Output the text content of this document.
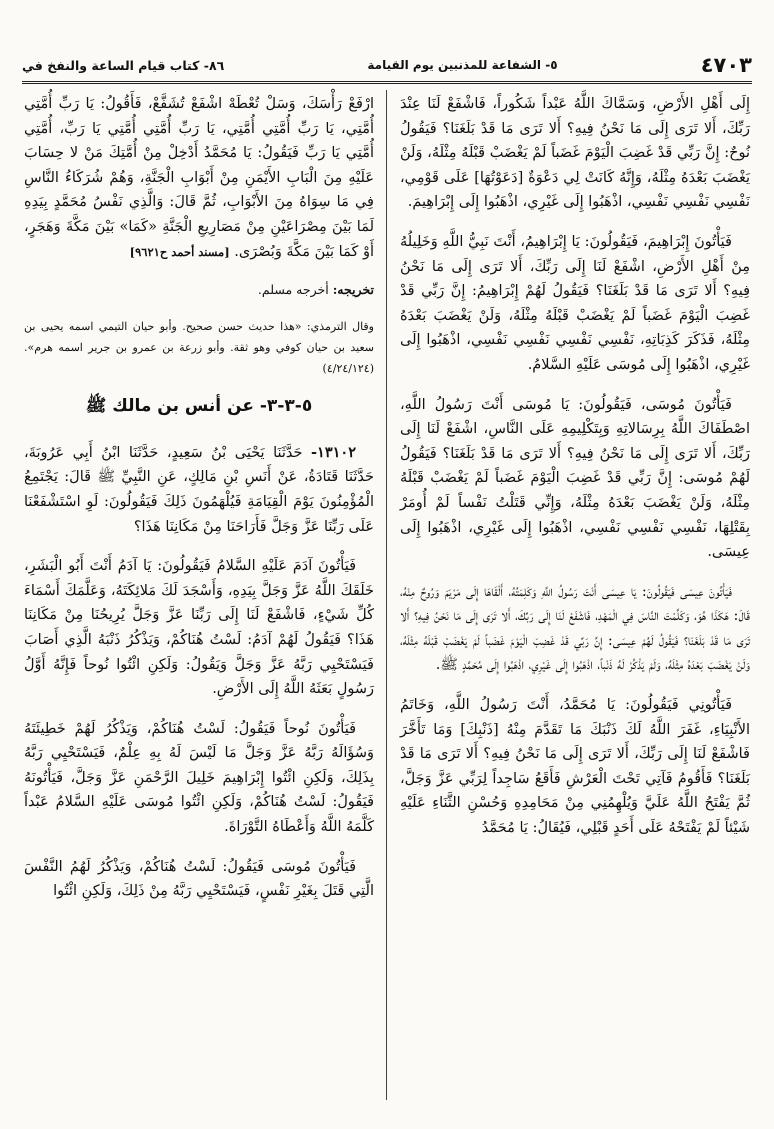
٤٧٠٣
٥- الشفاعة للمذنبين يوم القيامة
٨٦- كتاب قيام الساعة والنفخ في

إِلَى أَهْلِ الأَرْضِ، وَسَمَّاكَ اللَّهُ عَبْداً شَكُوراً، فَاشْفَعْ لَنَا عِنْدَ رَبِّكَ، أَلا تَرَى إِلَى مَا نَحْنُ فِيهِ؟ أَلا تَرَى مَا قَدْ بَلَغَنَا؟ فَيَقُولُ نُوحٌ: إِنَّ رَبِّي قَدْ غَضِبَ الْيَوْمَ غَضَباً لَمْ يَغْضَبْ قَبْلَهُ مِثْلَهُ، وَلَنْ يَغْضَبَ بَعْدَهُ مِثْلَهُ، وَإِنَّهُ كَانَتْ لِي دَعْوَةٌ [دَعَوْتُهَا] عَلَى قَوْمِي، نَفْسِي نَفْسِي نَفْسِي، اذْهَبُوا إِلَى غَيْرِي، اذْهَبُوا إِلَى إِبْرَاهِيمَ.

فَيَأْتُونَ إِبْرَاهِيمَ، فَيَقُولُونَ: يَا إِبْرَاهِيمُ، أَنْتَ نَبِيُّ اللَّهِ وَخَلِيلُهُ مِنْ أَهْلِ الأَرْضِ، اشْفَعْ لَنَا إِلَى رَبِّكَ، أَلا تَرَى إِلَى مَا نَحْنُ فِيهِ؟ أَلا تَرَى مَا قَدْ بَلَغَنَا؟ فَيَقُولُ لَهُمْ إِبْرَاهِيمُ: إِنَّ رَبِّي قَدْ غَضِبَ الْيَوْمَ غَضَباً لَمْ يَغْضَبْ قَبْلَهُ مِثْلَهُ، وَلَنْ يَغْضَبَ بَعْدَهُ مِثْلَهُ، فَذَكَرَ كَذِبَاتِهِ، نَفْسِي نَفْسِي نَفْسِي نَفْسِي، اذْهَبُوا إِلَى غَيْرِي، اذْهَبُوا إِلَى مُوسَى عَلَيْهِ السَّلامُ.

فَيَأْتُونَ مُوسَى، فَيَقُولُونَ: يَا مُوسَى أَنْتَ رَسُولُ اللَّهِ، اصْطَفَاكَ اللَّهُ بِرِسَالاتِهِ وَبِتَكْلِيمِهِ عَلَى النَّاسِ، اشْفَعْ لَنَا إِلَى رَبِّكَ، أَلا تَرَى إِلَى مَا نَحْنُ فِيهِ؟ أَلا تَرَى مَا قَدْ بَلَغَنَا؟ فَيَقُولُ لَهُمْ مُوسَى: إِنَّ رَبِّي قَدْ غَضِبَ الْيَوْمَ غَضَباً لَمْ يَغْضَبْ قَبْلَهُ مِثْلَهُ، وَلَنْ يَغْضَبَ بَعْدَهُ مِثْلَهُ، وَإِنِّي قَتَلْتُ نَفْساً لَمْ أُومَرْ بِقَتْلِهَا، نَفْسِي نَفْسِي نَفْسِي، اذْهَبُوا إِلَى غَيْرِي، اذْهَبُوا إِلَى عِيسَى.

فَيَأْتُونَ عِيسَى فَيَقُولُونَ: يَا عِيسَى أَنْتَ رَسُولُ اللَّهِ وَكَلِمَتُهُ، أَلْقَاهَا إِلَى مَرْيَمَ وَرُوحٌ مِنْهُ، قَالَ: هَكَذَا هُوَ، وَكَلَّمْتَ النَّاسَ فِي الْمَهْدِ، فَاشْفَعْ لَنَا إِلَى رَبِّكَ، أَلا تَرَى إِلَى مَا نَحْنُ فِيهِ؟ أَلا تَرَى مَا قَدْ بَلَغَنَا؟ فَيَقُولُ لَهُمْ عِيسَى: إِنَّ رَبِّي قَدْ غَضِبَ الْيَوْمَ غَضَباً لَمْ يَغْضَبْ قَبْلَهُ مِثْلَهُ، وَلَنْ يَغْضَبَ بَعْدَهُ مِثْلَهُ، وَلَمْ يَذْكُرْ لَهُ ذَنْباً، اذْهَبُوا إِلَى غَيْرِي، اذْهَبُوا إِلَى مُحَمَّدٍ ﷺ.

فَيَأْتُونِي فَيَقُولُونَ: يَا مُحَمَّدُ، أَنْتَ رَسُولُ اللَّهِ، وَخَاتَمُ الأَنْبِيَاءِ، غَفَرَ اللَّهُ لَكَ ذَنْبَكَ مَا تَقَدَّمَ مِنْهُ [ذَنْبِكَ] وَمَا تَأَخَّرَ فَاشْفَعْ لَنَا إِلَى رَبِّكَ، أَلا تَرَى إِلَى مَا نَحْنُ فِيهِ؟ أَلا تَرَى مَا قَدْ بَلَغَنَا؟ فَأَقُومُ فَآتِي تَحْتَ الْعَرْشِ فَأَقَعُ سَاجِداً لِرَبِّي عَزَّ وَجَلَّ، ثُمَّ يَفْتَحُ اللَّهُ عَلَيَّ وَيُلْهِمُنِي مِنْ مَحَامِدِهِ وَحُسْنِ الثَّنَاءِ عَلَيْهِ شَيْئاً لَمْ يَفْتَحْهُ عَلَى أَحَدٍ قَبْلِي، فَيُقَالُ: يَا مُحَمَّدُ

ارْفَعْ رَأْسَكَ، وَسَلْ تُعْطَهْ اشْفَعْ تُشَفَّعْ، فَأَقُولُ: يَا رَبِّ أُمَّتِي أُمَّتِي، يَا رَبِّ أُمَّتِي أُمَّتِي، يَا رَبِّ أُمَّتِي أُمَّتِي يَا رَبِّ، أُمَّتِي أُمَّتِي يَا رَبِّ فَيَقُولُ: يَا مُحَمَّدُ أَدْخِلْ مِنْ أُمَّتِكَ مَنْ لا حِسَابَ عَلَيْهِ مِنَ الْبَابِ الأَيْمَنِ مِنْ أَبْوَابِ الْجَنَّةِ، وَهُمْ شُرَكَاءُ النَّاسِ فِي مَا سِوَاهُ مِنَ الأَبْوَابِ، ثُمَّ قَالَ: وَالَّذِي نَفْسُ مُحَمَّدٍ بِيَدِهِ لَمَا بَيْنَ مِصْرَاعَيْنِ مِنْ مَصَارِيعِ الْجَنَّةِ «كَمَا» بَيْنَ مَكَّةَ وَهَجَرٍ، أَوْ كَمَا بَيْنَ مَكَّةَ وَبُصْرَى. [مسند أحمد ح٩٦٢١]

تخريجه: أخرجه مسلم.

وقال الترمذي: «هذا حديث حسن صحيح. وأبو حيان التيمي اسمه يحيى بن سعيد بن حيان كوفي وهو ثقة. وأبو زرعة بن عمرو بن جرير اسمه هرم». (٤/٢٤/١٢٤)

٥-٣-٣- عن أنس بن مالك ﷺ

١٣١٠٢- حَدَّثَنَا يَحْيَى بْنُ سَعِيدٍ، حَدَّثَنَا ابْنُ أَبِي عَرُوبَةَ، حَدَّثَنَا قَتَادَةُ، عَنْ أَنَسِ بْنِ مَالِكٍ، عَنِ النَّبِيِّ ﷺ قَالَ: يَجْتَمِعُ الْمُؤْمِنُونَ يَوْمَ الْقِيَامَةِ فَيُلْهَمُونَ ذَلِكَ فَيَقُولُونَ: لَوِ اسْتَشْفَعْنَا عَلَى رَبِّنَا عَزَّ وَجَلَّ فَأَرَاحَنَا مِنْ مَكَانِنَا هَذَا؟

فَيَأْتُونَ آدَمَ عَلَيْهِ السَّلامُ فَيَقُولُونَ: يَا آدَمُ أَنْتَ أَبُو الْبَشَرِ، خَلَقَكَ اللَّهُ عَزَّ وَجَلَّ بِيَدِهِ، وَأَسْجَدَ لَكَ مَلائِكَتَهُ، وَعَلَّمَكَ أَسْمَاءَ كُلِّ شَيْءٍ، فَاشْفَعْ لَنَا إِلَى رَبِّنَا عَزَّ وَجَلَّ يُرِيحُنَا مِنْ مَكَانِنَا هَذَا؟ فَيَقُولُ لَهُمْ آدَمُ: لَسْتُ هُنَاكُمْ، وَيَذْكُرُ ذَنْبَهُ الَّذِي أَصَابَ فَيَسْتَحْيِي رَبَّهُ عَزَّ وَجَلَّ وَيَقُولُ: وَلَكِنِ ائْتُوا نُوحاً فَإِنَّهُ أَوَّلُ رَسُولٍ بَعَثَهُ اللَّهُ إِلَى الأَرْضِ.

فَيَأْتُونَ نُوحاً فَيَقُولُ: لَسْتُ هُنَاكُمْ، وَيَذْكُرُ لَهُمْ خَطِيئَتَهُ وَسُؤَالَهُ رَبَّهُ عَزَّ وَجَلَّ مَا لَيْسَ لَهُ بِهِ عِلْمٌ، فَيَسْتَحْيِي رَبَّهُ بِذَلِكَ، وَلَكِنِ ائْتُوا إِبْرَاهِيمَ خَلِيلَ الرَّحْمَنِ عَزَّ وَجَلَّ، فَيَأْتُونَهُ فَيَقُولُ: لَسْتُ هُنَاكُمْ، وَلَكِنِ ائْتُوا مُوسَى عَلَيْهِ السَّلامُ عَبْداً كَلَّمَهُ اللَّهُ وَأَعْطَاهُ التَّوْرَاةَ.

فَيَأْتُونَ مُوسَى فَيَقُولُ: لَسْتُ هُنَاكُمْ، وَيَذْكُرُ لَهُمُ النَّفْسَ الَّتِي قَتَلَ بِغَيْرِ نَفْسٍ، فَيَسْتَحْيِي رَبَّهُ مِنْ ذَلِكَ، وَلَكِنِ ائْتُوا
